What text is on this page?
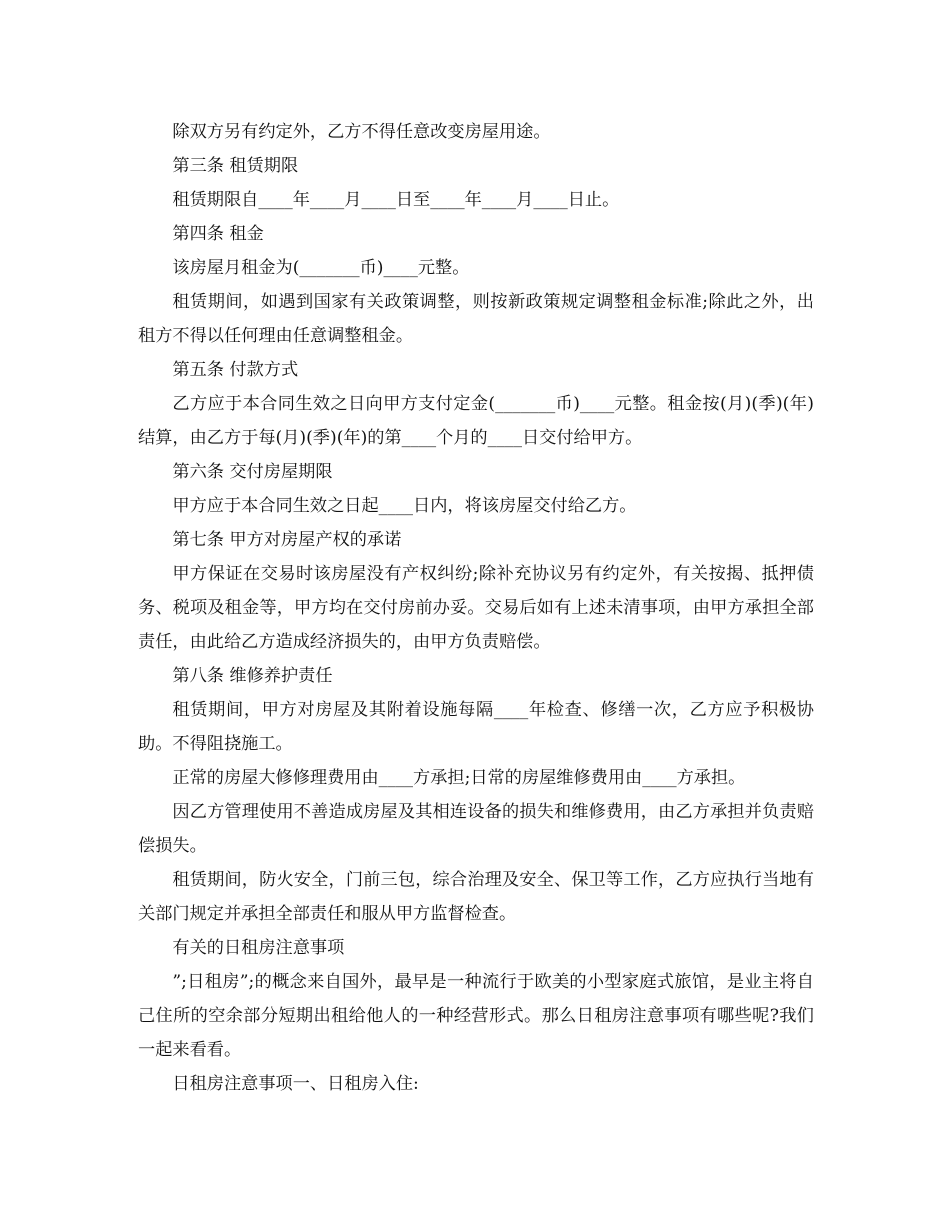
除双方另有约定外，乙方不得任意改变房屋用途。

第三条 租赁期限

租赁期限自____年____月____日至____年____月____日止。

第四条 租金

该房屋月租金为(_______币)____元整。

租赁期间，如遇到国家有关政策调整，则按新政策规定调整租金标准;除此之外，出租方不得以任何理由任意调整租金。

第五条 付款方式

乙方应于本合同生效之日向甲方支付定金(_______币)____元整。租金按(月)(季)(年)结算，由乙方于每(月)(季)(年)的第____个月的____日交付给甲方。

第六条 交付房屋期限

甲方应于本合同生效之日起____日内，将该房屋交付给乙方。

第七条 甲方对房屋产权的承诺

甲方保证在交易时该房屋没有产权纠纷;除补充协议另有约定外，有关按揭、抵押债务、税项及租金等，甲方均在交付房前办妥。交易后如有上述未清事项，由甲方承担全部责任，由此给乙方造成经济损失的，由甲方负责赔偿。

第八条 维修养护责任

租赁期间，甲方对房屋及其附着设施每隔____年检查、修缮一次，乙方应予积极协助。不得阻挠施工。

正常的房屋大修修理费用由____方承担;日常的房屋维修费用由____方承担。

因乙方管理使用不善造成房屋及其相连设备的损失和维修费用，由乙方承担并负责赔偿损失。

租赁期间，防火安全，门前三包，综合治理及安全、保卫等工作，乙方应执行当地有关部门规定并承担全部责任和服从甲方监督检查。

有关的日租房注意事项

”;日租房”;的概念来自国外，最早是一种流行于欧美的小型家庭式旅馆，是业主将自己住所的空余部分短期出租给他人的一种经营形式。那么日租房注意事项有哪些呢?我们一起来看看。

日租房注意事项一、日租房入住:
